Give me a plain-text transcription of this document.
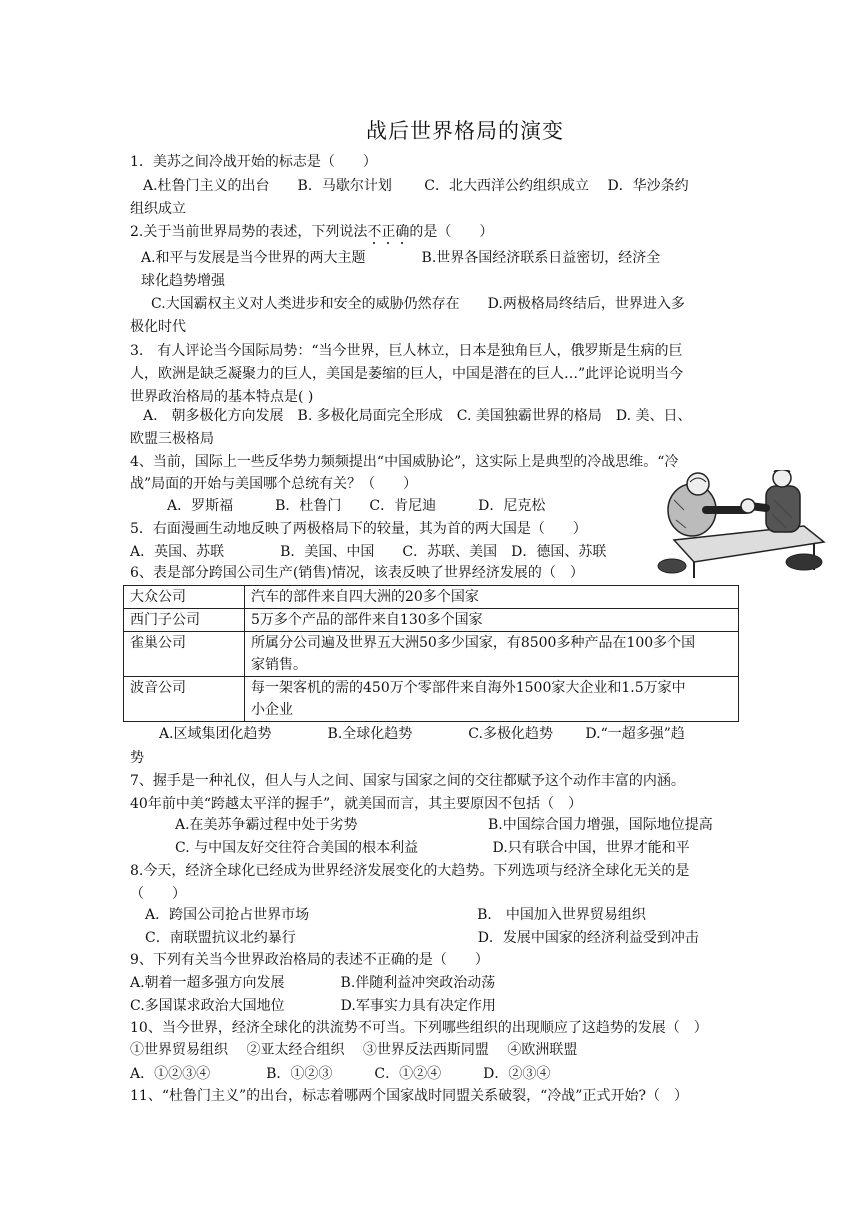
战后世界格局的演变
1．美苏之间冷战开始的标志是（　　）
A.杜鲁门主义的出台　　B．马歇尔计划　　 C．北大西洋公约组织成立　 D．华沙条约
组织成立
2.关于当前世界局势的表述，下列说法不正确的是（　　）
A.和平与发展是当今世界的两大主题　　　　B.世界各国经济联系日益密切，经济全
球化趋势增强
C.大国霸权主义对人类进步和安全的威胁仍然存在　　D.两极格局终结后，世界进入多
极化时代
3.　有人评论当今国际局势：“当今世界，巨人林立，日本是独角巨人，俄罗斯是生病的巨
人，欧洲是缺乏凝聚力的巨人，美国是萎缩的巨人，中国是潜在的巨人…”此评论说明当今
世界政治格局的基本特点是( )
A.　朝多极化方向发展　B. 多极化局面完全形成　C. 美国独霸世界的格局　D. 美、日、
欧盟三极格局
4、当前，国际上一些反华势力频频提出“中国威胁论”，这实际上是典型的冷战思维。“冷
战”局面的开始与美国哪个总统有关？（　　）
A．罗斯福　　　B．杜鲁门　　C．肯尼迪　　　D．尼克松
5．右面漫画生动地反映了两极格局下的较量，其为首的两大国是（　　）
A．英国、苏联　　　　B．美国、中国　　C．苏联、美国　D．德国、苏联
6、表是部分跨国公司生产(销售)情况，该表反映了世界经济发展的（　）
大众公司	汽车的部件来自四大洲的20多个国家
西门子公司	5万多个产品的部件来自130多个国家
雀巢公司	所属分公司遍及世界五大洲50多少国家，有8500多种产品在100多个国
家销售。

波音公司	每一架客机的需的450万个零部件来自海外1500家大企业和1.5万家中
小企业
A.区域集团化趋势　　　　B.全球化趋势　　　　C.多极化趋势　　 D.“一超多强”趋
势
7、握手是一种礼仪，但人与人之间、国家与国家之间的交往都赋予这个动作丰富的内涵。
40年前中美“跨越太平洋的握手”，就美国而言，其主要原因不包括（　）
A.在美苏争霸过程中处于劣势　　　　　　　　　 B.中国综合国力增强，国际地位提高
C. 与中国友好交往符合美国的根本利益　　　　　 D.只有联合中国，世界才能和平
8.今天，经济全球化已经成为世界经济发展变化的大趋势。下列选项与经济全球化无关的是
（　　）
A．跨国公司抢占世界市场　　　　　　　　　　　　B． 中国加入世界贸易组织
C．南联盟抗议北约暴行　　　　　　　　　　　　　D．发展中国家的经济利益受到冲击
9、下列有关当今世界政治格局的表述不正确的是（　　）
A.朝着一超多强方向发展　　　　B.伴随利益冲突政治动荡
C.多国谋求政治大国地位　　　　D.军事实力具有决定作用
10、当今世界，经济全球化的洪流势不可当。下列哪些组织的出现顺应了这趋势的发展（　）
①世界贸易组织　 ②亚太经合组织　 ③世界反法西斯同盟　 ④欧洲联盟
A．①②③④　　　　B．①②③　　　C．①②④　　　D．②③④
11、“杜鲁门主义”的出台，标志着哪两个国家战时同盟关系破裂，“冷战”正式开始?（　）
